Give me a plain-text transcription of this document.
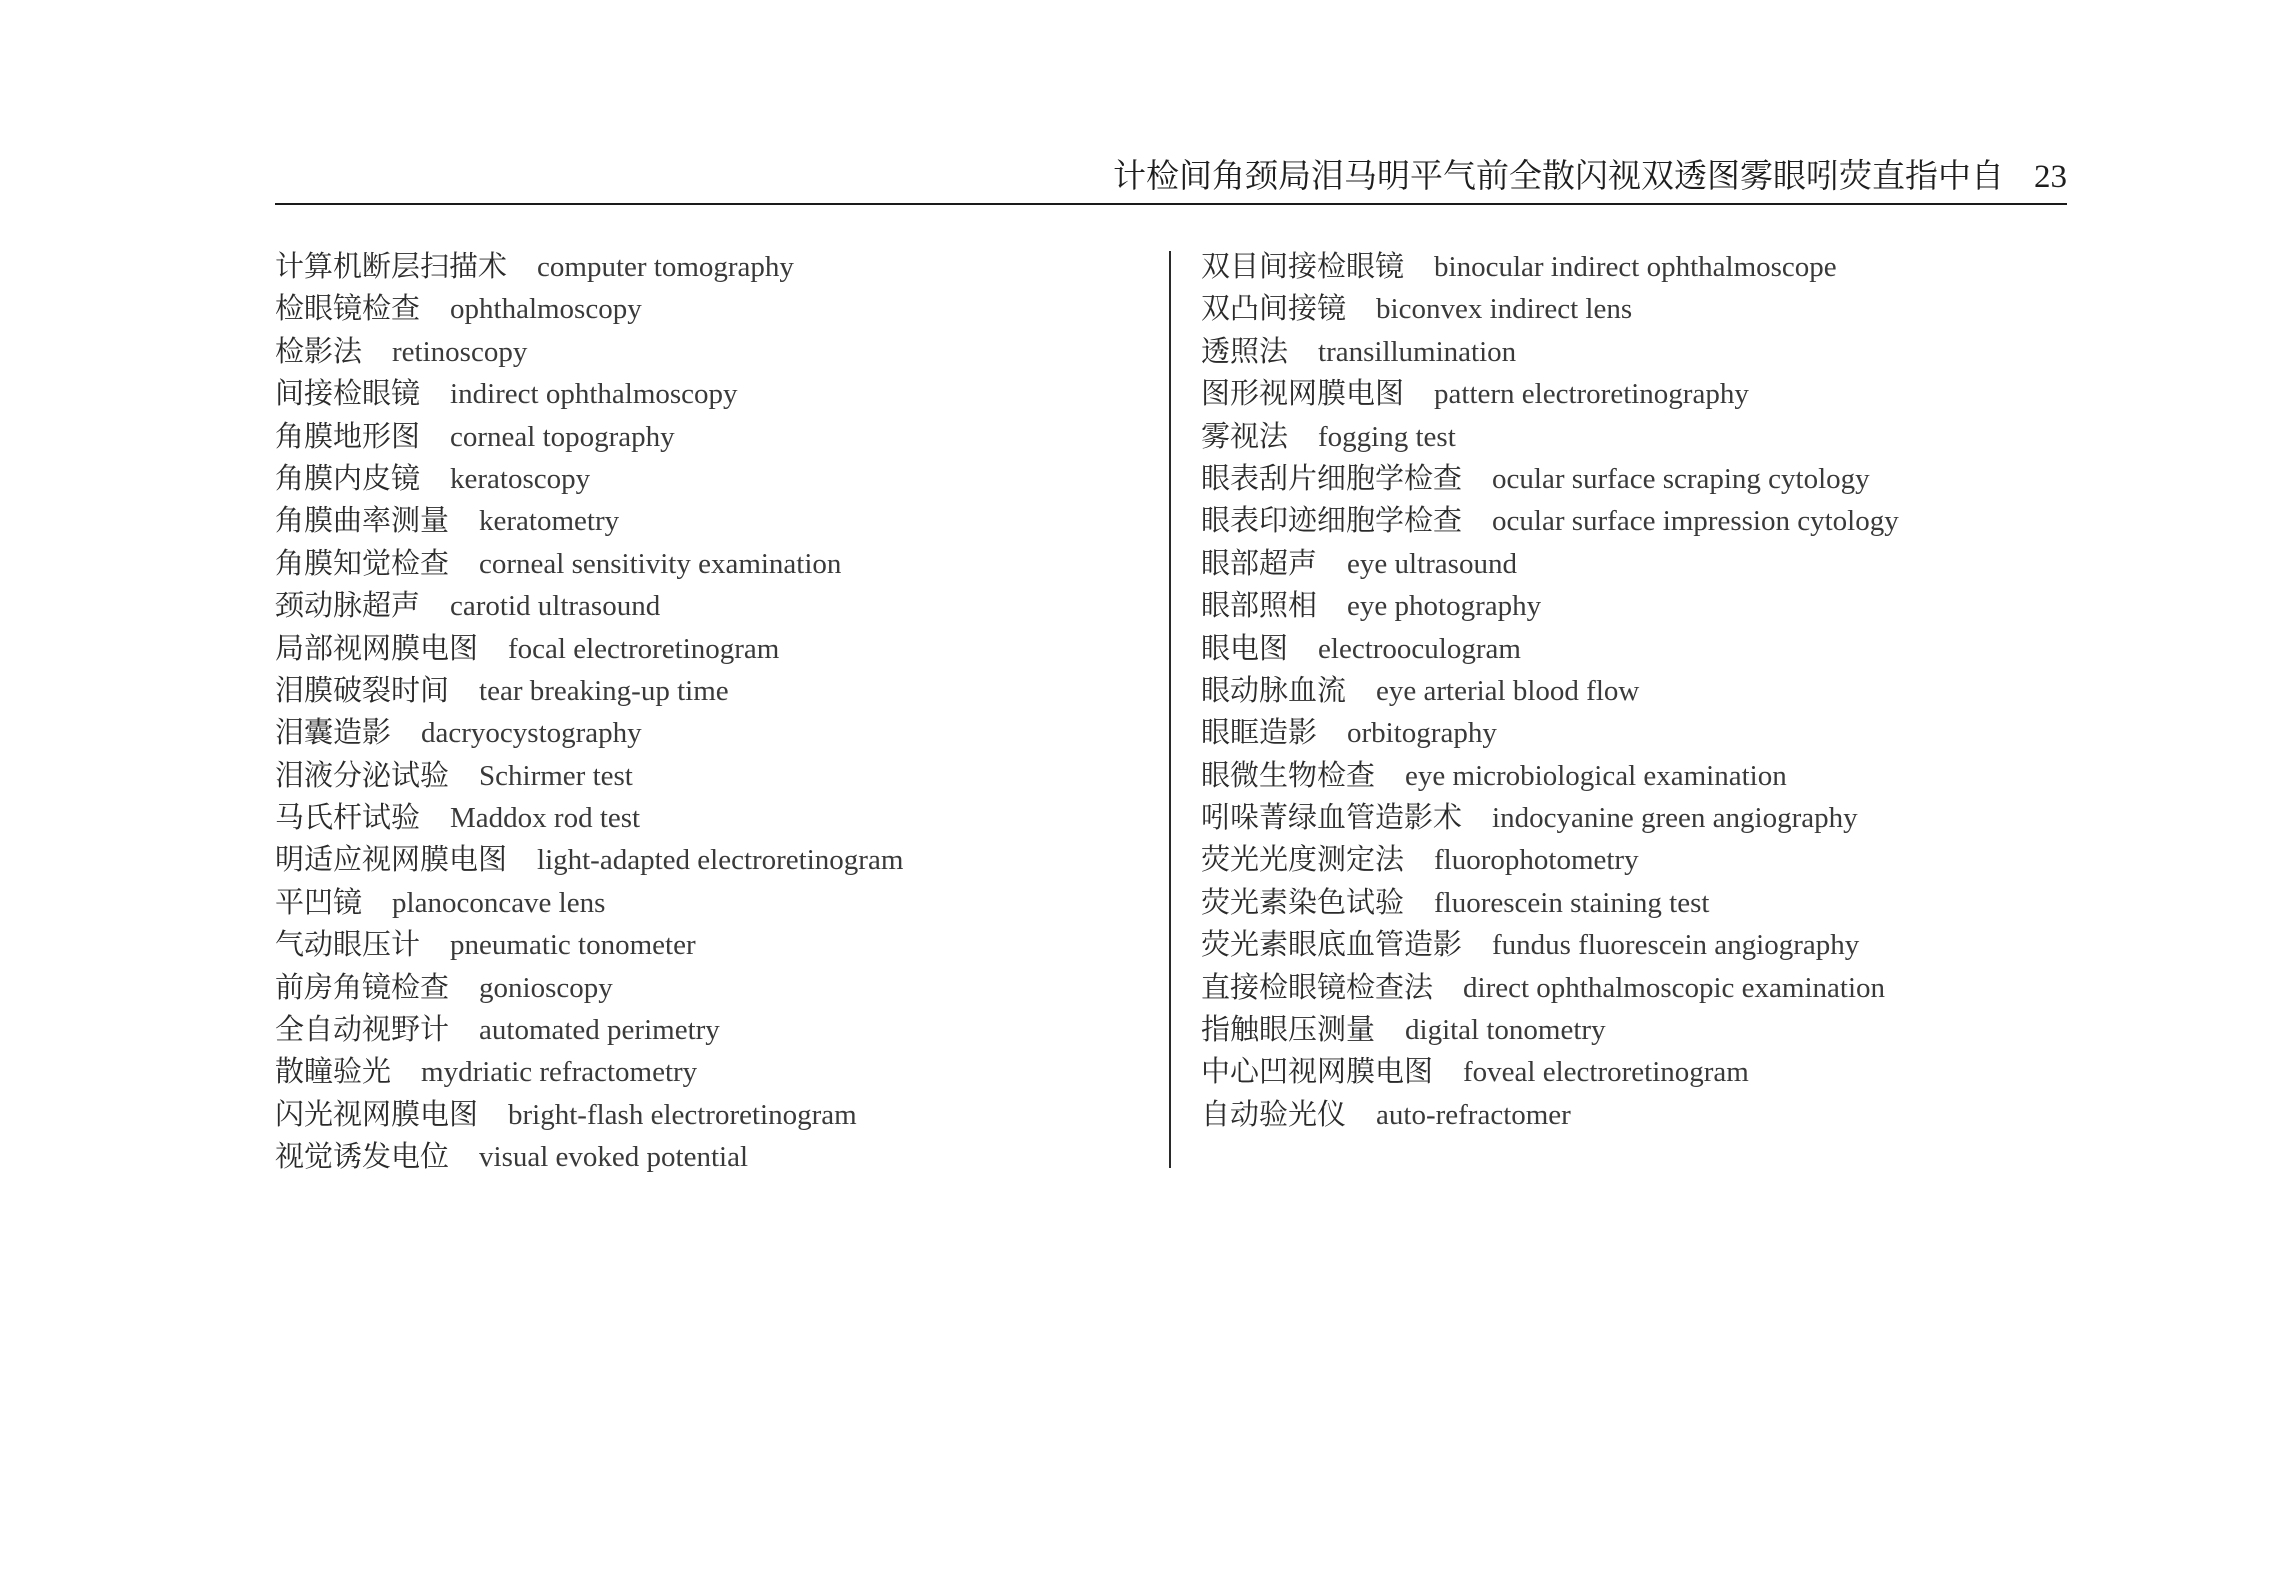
计检间角颈局泪马明平气前全散闪视双透图雾眼吲荧直指中自 23
计算机断层扫描术 computer tomography
检眼镜检查 ophthalmoscopy
检影法 retinoscopy
间接检眼镜 indirect ophthalmoscopy
角膜地形图 corneal topography
角膜内皮镜 keratoscopy
角膜曲率测量 keratometry
角膜知觉检查 corneal sensitivity examination
颈动脉超声 carotid ultrasound
局部视网膜电图 focal electroretinogram
泪膜破裂时间 tear breaking-up time
泪囊造影 dacryocystography
泪液分泌试验 Schirmer test
马氏杆试验 Maddox rod test
明适应视网膜电图 light-adapted electroretinogram
平凹镜 planoconcave lens
气动眼压计 pneumatic tonometer
前房角镜检查 gonioscopy
全自动视野计 automated perimetry
散瞳验光 mydriatic refractometry
闪光视网膜电图 bright-flash electroretinogram
视觉诱发电位 visual evoked potential
双目间接检眼镜 binocular indirect ophthalmoscope
双凸间接镜 biconvex indirect lens
透照法 transillumination
图形视网膜电图 pattern electroretinography
雾视法 fogging test
眼表刮片细胞学检查 ocular surface scraping cytology
眼表印迹细胞学检查 ocular surface impression cytology
眼部超声 eye ultrasound
眼部照相 eye photography
眼电图 electrooculogram
眼动脉血流 eye arterial blood flow
眼眶造影 orbitography
眼微生物检查 eye microbiological examination
吲哚菁绿血管造影术 indocyanine green angiography
荧光光度测定法 fluorophotometry
荧光素染色试验 fluorescein staining test
荧光素眼底血管造影 fundus fluorescein angiography
直接检眼镜检查法 direct ophthalmoscopic examination
指触眼压测量 digital tonometry
中心凹视网膜电图 foveal electroretinogram
自动验光仪 auto-refractomer
